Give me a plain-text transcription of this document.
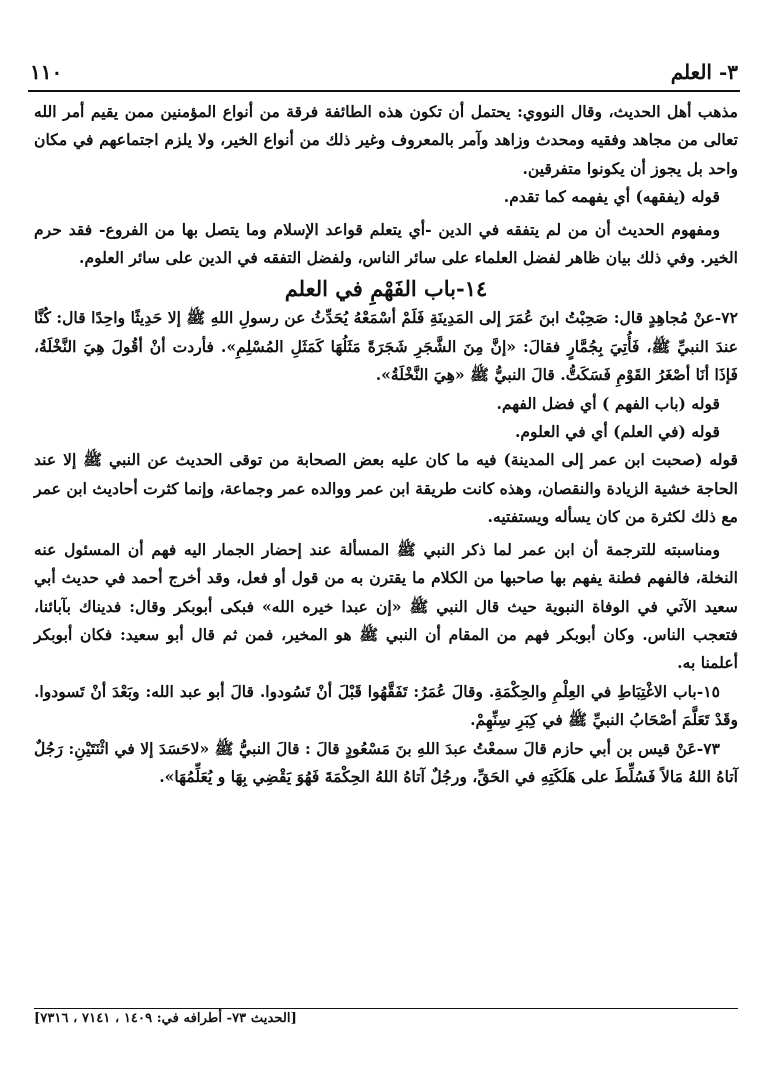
١١٠	٣- العلم

مذهب أهل الحديث، وقال النووي: يحتمل أن تكون هذه الطائفة فرقة من أنواع المؤمنين ممن يقيم أمر الله تعالى من مجاهد وفقيه ومحدث وزاهد وآمر بالمعروف وغير ذلك من أنواع الخير، ولا يلزم اجتماعهم في مكان واحد بل يجوز أن يكونوا متفرقين.

قوله (يفقهه) أي يفهمه كما تقدم.

ومفهوم الحديث أن من لم يتفقه في الدين -أي يتعلم قواعد الإسلام وما يتصل بها من الفروع- فقد حرم الخير. وفي ذلك بيان ظاهر لفضل العلماء على سائر الناس، ولفضل التفقه في الدين على سائر العلوم.

١٤-باب الفَهْمِ في العلم

٧٢-عنْ مُجاهِدٍ قال: صَحِبْتُ ابنَ عُمَرَ إلى المَدِينَةِ فَلَمْ أسْمَعْهُ يُحَدِّثُ عن رسولِ اللهِ ﷺ إلا حَدِيثًا واحِدًا قال: كُنَّا عندَ النبيِّ ﷺ، فَأُتِيَ بِجُمَّارٍ فقالَ: «إنَّ مِنَ الشَّجَرِ شَجَرَةً مَثَلُهَا كَمَثَلِ المُسْلِمِ». فأردت أنْ أقُولَ هِيَ النَّخْلَةُ، فَإذَا أنَا أصْغَرُ القَوْمِ فَسَكَتُّ. قالَ النبيُّ ﷺ «هِيَ النَّخْلَةُ».

قوله (باب الفهم ) أي فضل الفهم.

قوله (في العلم) أي في العلوم.

قوله (صحبت ابن عمر إلى المدينة) فيه ما كان عليه بعض الصحابة من توقى الحديث عن النبي ﷺ إلا عند الحاجة خشية الزيادة والنقصان، وهذه كانت طريقة ابن عمر ووالده عمر وجماعة، وإنما كثرت أحاديث ابن عمر مع ذلك لكثرة من كان يسأله ويستفتيه.

ومناسبته للترجمة أن ابن عمر لما ذكر النبي ﷺ المسألة عند إحضار الجمار اليه فهم أن المسئول عنه النخلة، فالفهم فطنة يفهم بها صاحبها من الكلام ما يقترن به من قول أو فعل، وقد أخرج أحمد في حديث أبي سعيد الآتي في الوفاة النبوية حيث قال النبي ﷺ «إن عبدا خيره الله» فبكى أبوبكر وقال: فديناك بآبائنا، فتعجب الناس. وكان أبوبكر فهم من المقام أن النبي ﷺ هو المخير، فمن ثم قال أبو سعيد: فكان أبوبكر أعلمنا به.

١٥-باب الاغْتِبَاطِ في العِلْمِ والحِكْمَةِ. وقالَ عُمَرُ: تَفَقَّهُوا قَبْلَ أنْ تَسُودوا. قالَ أبو عبد الله: وبَعْدَ أنْ تَسودوا. وقَدْ تَعَلَّمَ أصْحَابُ النبيِّ ﷺ في كِبَرِ سِنِّهِمْ.

٧٣-عَنْ قيس بن أبي حازم قالَ سمعْتُ عبدَ اللهِ بنَ مَسْعُودٍ قالَ : قالَ النبيُّ ﷺ «لاحَسَدَ إلا في اثْنَتَيْنِ: رَجُلٌ آتاهُ اللهُ مَالاً فَسُلِّطَ على هَلَكَتِهِ في الحَقِّ، ورجُلٌ آتاهُ اللهُ الحِكْمَةَ فَهُوَ يَقْضِي بِهَا و يُعَلِّمُهَا».

[الحديث ٧٣- أطرافه في: ١٤٠٩ ، ٧١٤١ ، ٧٣١٦]
